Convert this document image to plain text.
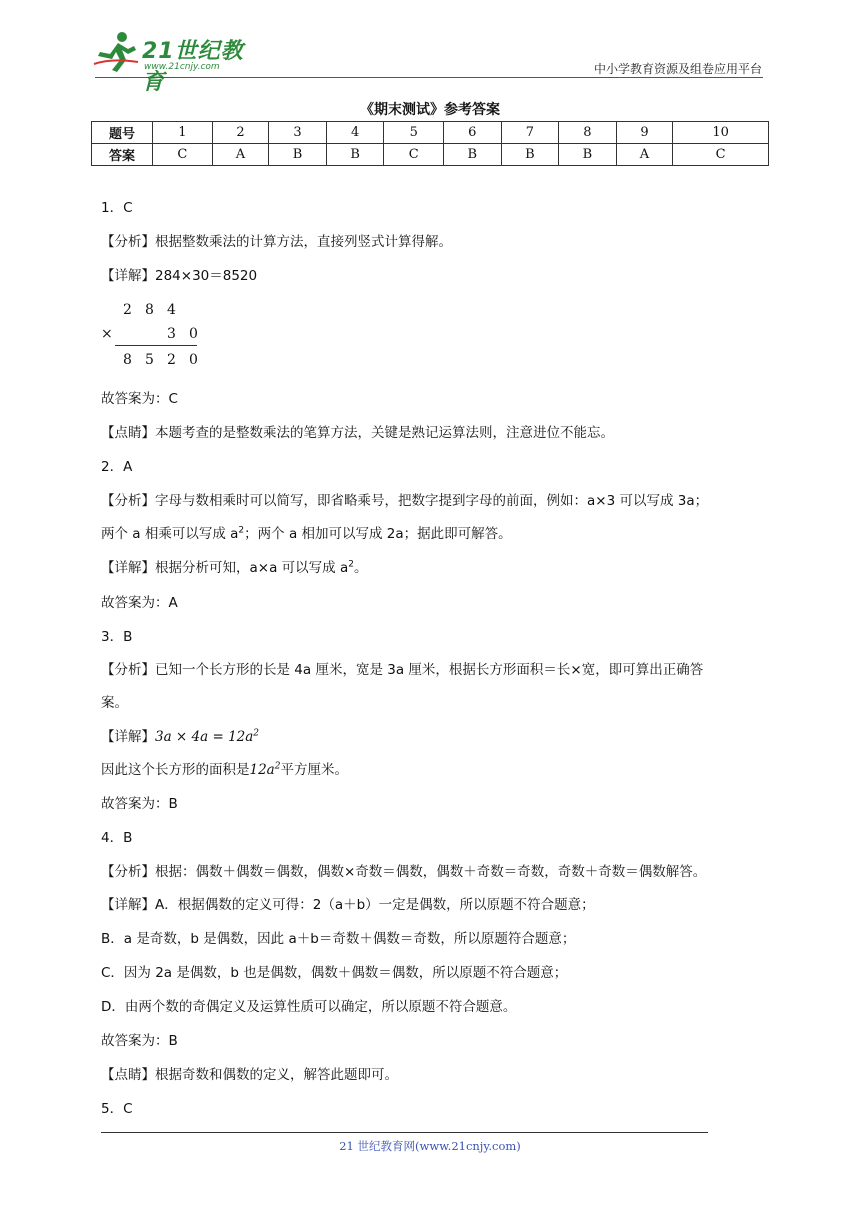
21世纪教育
www.21cnjy.com	中小学教育资源及组卷应用平台
《期末测试》参考答案
题号	1	2	3	4	5	6	7	8	9	10
答案	C	A	B	B	C	B	B	B	A	C
1．C
【分析】根据整数乘法的计算方法，直接列竖式计算得解。
【详解】284×30＝8520
2 8 4
×	3 0
8 5 2 0
故答案为：C
【点睛】本题考查的是整数乘法的笔算方法，关键是熟记运算法则，注意进位不能忘。
2．A
【分析】字母与数相乘时可以简写，即省略乘号，把数字提到字母的前面，例如：a×3 可以写成 3a；
两个 a 相乘可以写成 $a^2$；两个 a 相加可以写成 2a；据此即可解答。
【详解】根据分析可知，a×a 可以写成 $a^2$。
故答案为：A
3．B
【分析】已知一个长方形的长是 4a 厘米，宽是 3a 厘米，根据长方形面积＝长×宽，即可算出正确答
案。
【详解】$3a \times 4a = 12a^2$
因此这个长方形的面积是$12a^2$平方厘米。
故答案为：B
4．B
【分析】根据：偶数＋偶数＝偶数，偶数×奇数＝偶数，偶数＋奇数＝奇数，奇数＋奇数＝偶数解答。
【详解】A．根据偶数的定义可得：2（a＋b）一定是偶数，所以原题不符合题意；
B．a 是奇数，b 是偶数，因此 a＋b＝奇数＋偶数＝奇数，所以原题符合题意；
C．因为 2a 是偶数，b 也是偶数，偶数＋偶数＝偶数，所以原题不符合题意；
D．由两个数的奇偶定义及运算性质可以确定，所以原题不符合题意。
故答案为：B
【点睛】根据奇数和偶数的定义，解答此题即可。
5．C
21 世纪教育网(www.21cnjy.com)
